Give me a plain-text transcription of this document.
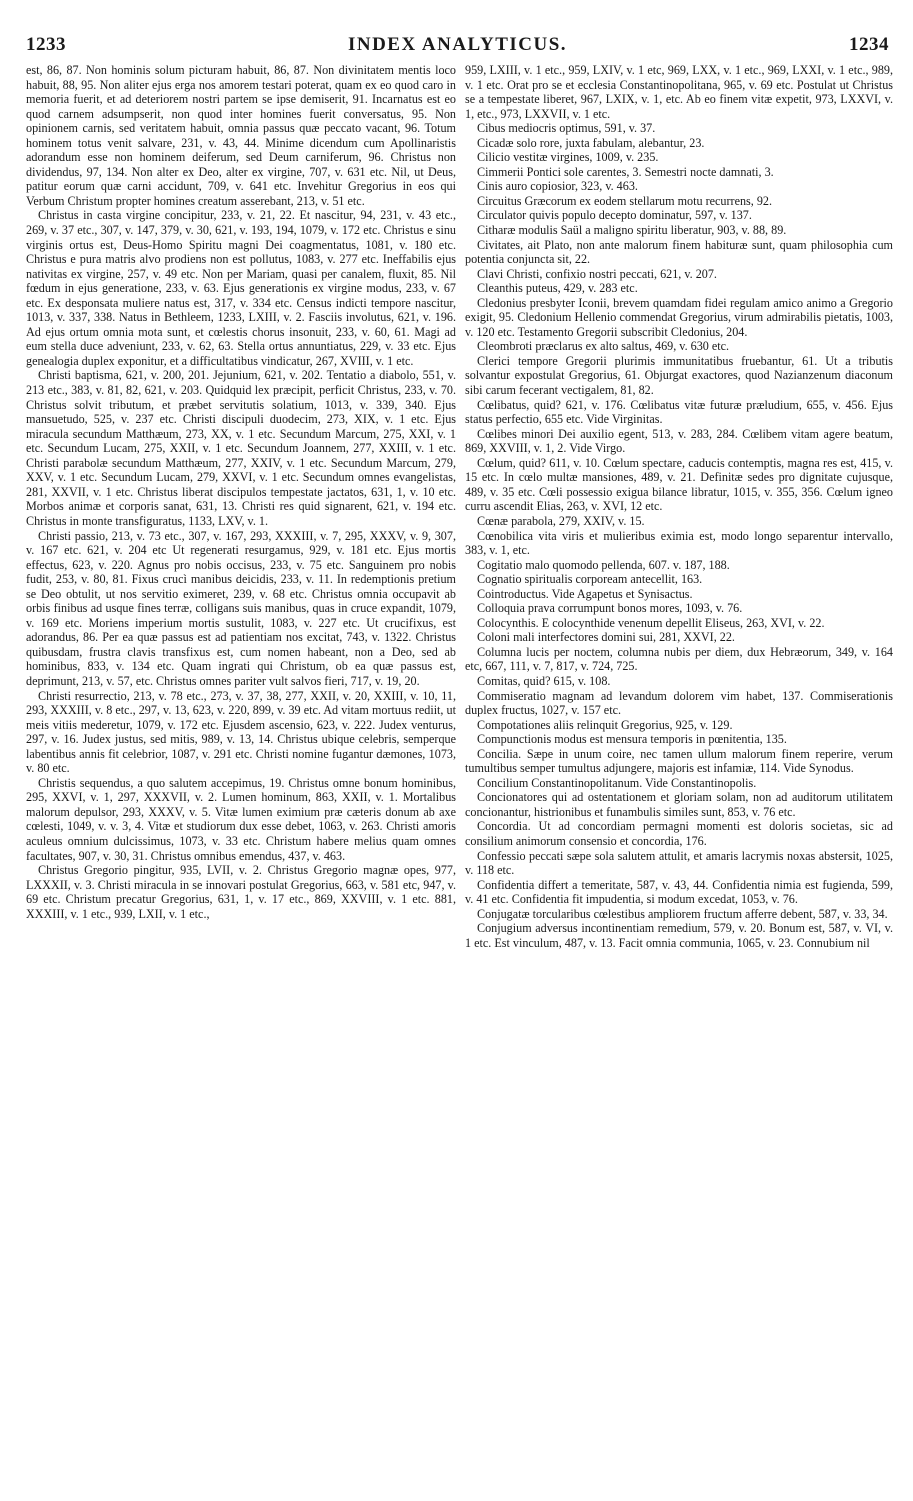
1233	INDEX ANALYTICUS.	1234

est, 86, 87. Non hominis solum picturam habuit, 86, 87. Non divinitatem mentis loco habuit, 88, 95. Non aliter ejus erga nos amorem testari poterat, quam ex eo quod caro in memoria fuerit, et ad deteriorem nostri partem se ipse demiserit, 91. Incarnatus est eo quod carnem adsumpserit, non quod inter homines fuerit conversatus, 95. Non opinionem carnis, sed veritatem habuit, omnia passus quæ peccato vacant, 96. Totum hominem totus venit salvare, 231, v. 43, 44. Minime dicendum cum Apollinaristis adorandum esse non hominem deiferum, sed Deum carniferum, 96. Christus non dividendus, 97, 134. Non alter ex Deo, alter ex virgine, 707, v. 631 etc. Nil, ut Deus, patitur eorum quæ carni accidunt, 709, v. 641 etc. Invehitur Gregorius in eos qui Verbum Christum propter homines creatum asserebant, 213, v. 51 etc.

Christus in casta virgine concipitur, 233, v. 21, 22. Et nascitur, 94, 231, v. 43 etc., 269, v. 37 etc., 307, v. 147, 379, v. 30, 621, v. 193, 194, 1079, v. 172 etc. Christus e sinu virginis ortus est, Deus-Homo Spiritu magni Dei coagmentatus, 1081, v. 180 etc. Christus e pura matris alvo prodiens non est pollutus, 1083, v. 277 etc. Ineffabilis ejus nativitas ex virgine, 257, v. 49 etc. Non per Mariam, quasi per canalem, fluxit, 85. Nil fœdum in ejus generatione, 233, v. 63. Ejus generationis ex virgine modus, 233, v. 67 etc. Ex desponsata muliere natus est, 317, v. 334 etc. Census indicti tempore nascitur, 1013, v. 337, 338. Natus in Bethleem, 1233, LXIII, v. 2. Fasciis involutus, 621, v. 196. Ad ejus ortum omnia mota sunt, et cœlestis chorus insonuit, 233, v. 60, 61. Magi ad eum stella duce adveniunt, 233, v. 62, 63. Stella ortus annuntiatus, 229, v. 33 etc. Ejus genealogia duplex exponitur, et a difficultatibus vindicatur, 267, XVIII, v. 1 etc.

Christi baptisma, 621, v. 200, 201. Jejunium, 621, v. 202. Tentatio a diabolo, 551, v. 213 etc., 383, v. 81, 82, 621, v. 203. Quidquid lex præcipit, perficit Christus, 233, v. 70. Christus solvit tributum, et præbet servitutis solatium, 1013, v. 339, 340. Ejus mansuetudo, 525, v. 237 etc. Christi discipuli duodecim, 273, XIX, v. 1 etc. Ejus miracula secundum Matthæum, 273, XX, v. 1 etc. Secundum Marcum, 275, XXI, v. 1 etc. Secundum Lucam, 275, XXII, v. 1 etc. Secundum Joannem, 277, XXIII, v. 1 etc. Christi parabolæ secundum Matthæum, 277, XXIV, v. 1 etc. Secundum Marcum, 279, XXV, v. 1 etc. Secundum Lucam, 279, XXVI, v. 1 etc. Secundum omnes evangelistas, 281, XXVII, v. 1 etc. Christus liberat discipulos tempestate jactatos, 631, 1, v. 10 etc. Morbos animæ et corporis sanat, 631, 13. Christi res quid signarent, 621, v. 194 etc. Christus in monte transfiguratus, 1133, LXV, v. 1.

Christi passio, 213, v. 73 etc., 307, v. 167, 293, XXXIII, v. 7, 295, XXXV, v. 9, 307, v. 167 etc. 621, v. 204 etc Ut regenerati resurgamus, 929, v. 181 etc. Ejus mortis effectus, 623, v. 220. Agnus pro nobis occisus, 233, v. 75 etc. Sanguinem pro nobis fudit, 253, v. 80, 81. Fixus crucì manibus deicidis, 233, v. 11. In redemptionis pretium se Deo obtulit, ut nos servitio eximeret, 239, v. 68 etc. Christus omnia occupavit ab orbis finibus ad usque fines terræ, colligans suis manibus, quas in cruce expandit, 1079, v. 169 etc. Moriens imperium mortis sustulit, 1083, v. 227 etc. Ut crucifixus, est adorandus, 86. Per ea quæ passus est ad patientiam nos excitat, 743, v. 1322. Christus quibusdam, frustra clavis transfixus est, cum nomen habeant, non a Deo, sed ab hominibus, 833, v. 134 etc. Quam ingrati qui Christum, ob ea quæ passus est, deprimunt, 213, v. 57, etc. Christus omnes pariter vult salvos fieri, 717, v. 19, 20.

Christi resurrectio, 213, v. 78 etc., 273, v. 37, 38, 277, XXII, v. 20, XXIII, v. 10, 11, 293, XXXIII, v. 8 etc., 297, v. 13, 623, v. 220, 899, v. 39 etc. Ad vitam mortuus rediit, ut meis vitiis mederetur, 1079, v. 172 etc. Ejusdem ascensio, 623, v. 222. Judex venturus, 297, v. 16. Judex justus, sed mitis, 989, v. 13, 14. Christus ubique celebris, semperque labentibus annis fit celebrior, 1087, v. 291 etc. Christi nomine fugantur dæmones, 1073, v. 80 etc.

Christis sequendus, a quo salutem accepimus, 19. Christus omne bonum hominibus, 295, XXVI, v. 1, 297, XXXVII, v. 2. Lumen hominum, 863, XXII, v. 1. Mortalibus malorum depulsor, 293, XXXV, v. 5. Vitæ lumen eximium præ cæteris donum ab axe cœlesti, 1049, v. v. 3, 4. Vitæ et studiorum dux esse debet, 1063, v. 263. Christi amoris aculeus omnium dulcissimus, 1073, v. 33 etc. Christum habere melius quam omnes facultates, 907, v. 30, 31. Christus omnibus emendus, 437, v. 463.

Christus Gregorio pingitur, 935, LVII, v. 2. Christus Gregorio magnæ opes, 977, LXXXII, v. 3. Christi miracula in se innovari postulat Gregorius, 663, v. 581 etc, 947, v. 69 etc. Christum precatur Gregorius, 631, 1, v. 17 etc., 869, XXVIII, v. 1 etc. 881, XXXIII, v. 1 etc., 939, LXII, v. 1 etc.,

959, LXIII, v. 1 etc., 959, LXIV, v. 1 etc, 969, LXX, v. 1 etc., 969, LXXI, v. 1 etc., 989, v. 1 etc. Orat pro se et ecclesia Constantinopolitana, 965, v. 69 etc. Postulat ut Christus se a tempestate liberet, 967, LXIX, v. 1, etc. Ab eo finem vitæ expetit, 973, LXXVI, v. 1, etc., 973, LXXVII, v. 1 etc.

Cibus mediocris optimus, 591, v. 37.

Cicadæ solo rore, juxta fabulam, alebantur, 23.

Cilicio vestitæ virgines, 1009, v. 235.

Cimmerii Pontici sole carentes, 3. Semestri nocte damnati, 3.

Cinis auro copiosior, 323, v. 463.

Circuitus Græcorum ex eodem stellarum motu recurrens, 92.

Circulator quivis populo decepto dominatur, 597, v. 137.

Citharæ modulis Saül a maligno spiritu liberatur, 903, v. 88, 89.

Civitates, ait Plato, non ante malorum finem habituræ sunt, quam philosophia cum potentia conjuncta sit, 22.

Clavi Christi, confixio nostri peccati, 621, v. 207.

Cleanthis puteus, 429, v. 283 etc.

Cledonius presbyter Iconii, brevem quamdam fidei regulam amico animo a Gregorio exigit, 95. Cledonium Hellenio commendat Gregorius, virum admirabilis pietatis, 1003, v. 120 etc. Testamento Gregorii subscribit Cledonius, 204.

Cleombroti præclarus ex alto saltus, 469, v. 630 etc.

Clerici tempore Gregorii plurimis immunitatibus fruebantur, 61. Ut a tributis solvantur expostulat Gregorius, 61. Objurgat exactores, quod Nazianzenum diaconum sibi carum fecerant vectigalem, 81, 82.

Cœlibatus, quid? 621, v. 176. Cœlibatus vitæ futuræ præludium, 655, v. 456. Ejus status perfectio, 655 etc. Vide Virginitas.

Cœlibes minori Dei auxilio egent, 513, v. 283, 284. Cœlibem vitam agere beatum, 869, XXVIII, v. 1, 2. Vide Virgo.

Cœlum, quid? 611, v. 10. Cœlum spectare, caducis contemptis, magna res est, 415, v. 15 etc. In cœlo multæ mansiones, 489, v. 21. Definitæ sedes pro dignitate cujusque, 489, v. 35 etc. Cœli possessio exigua bilance libratur, 1015, v. 355, 356. Cœlum igneo curru ascendit Elias, 263, v. XVI, 12 etc.

Cœnæ parabola, 279, XXIV, v. 15.

Cœnobilica vita viris et mulieribus eximia est, modo longo separentur intervallo, 383, v. 1, etc.

Cogitatio malo quomodo pellenda, 607. v. 187, 188.

Cognatio spiritualis corpoream antecellit, 163.

Cointroductus. Vide Agapetus et Synisactus.

Colloquia prava corrumpunt bonos mores, 1093, v. 76.

Colocynthis. E colocynthide venenum depellit Eliseus, 263, XVI, v. 22.

Coloni mali interfectores domini sui, 281, XXVI, 22.

Columna lucis per noctem, columna nubis per diem, dux Hebræorum, 349, v. 164 etc, 667, 111, v. 7, 817, v. 724, 725.

Comitas, quid? 615, v. 108.

Commiseratio magnam ad levandum dolorem vim habet, 137. Commiserationis duplex fructus, 1027, v. 157 etc.

Compotationes aliis relinquit Gregorius, 925, v. 129.

Compunctionis modus est mensura temporis in pœnitentia, 135.

Concilia. Sæpe in unum coire, nec tamen ullum malorum finem reperire, verum tumultibus semper tumultus adjungere, majoris est infamiæ, 114. Vide Synodus.

Concilium Constantinopolitanum. Vide Constantinopolis.

Concionatores qui ad ostentationem et gloriam solam, non ad auditorum utilitatem concionantur, histrionibus et funambulis similes sunt, 853, v. 76 etc.

Concordia. Ut ad concordiam permagni momenti est doloris societas, sic ad consilium animorum consensio et concordia, 176.

Confessio peccati sæpe sola salutem attulit, et amaris lacrymis noxas abstersit, 1025, v. 118 etc.

Confidentia differt a temeritate, 587, v. 43, 44. Confidentia nimia est fugienda, 599, v. 41 etc. Confidentia fit impudentia, si modum excedat, 1053, v. 76.

Conjugatæ torcularibus cœlestibus ampliorem fructum afferre debent, 587, v. 33, 34.

Conjugium adversus incontinentiam remedium, 579, v. 20. Bonum est, 587, v. VI, v. 1 etc. Est vinculum, 487, v. 13. Facit omnia communia, 1065, v. 23. Connubium nil
